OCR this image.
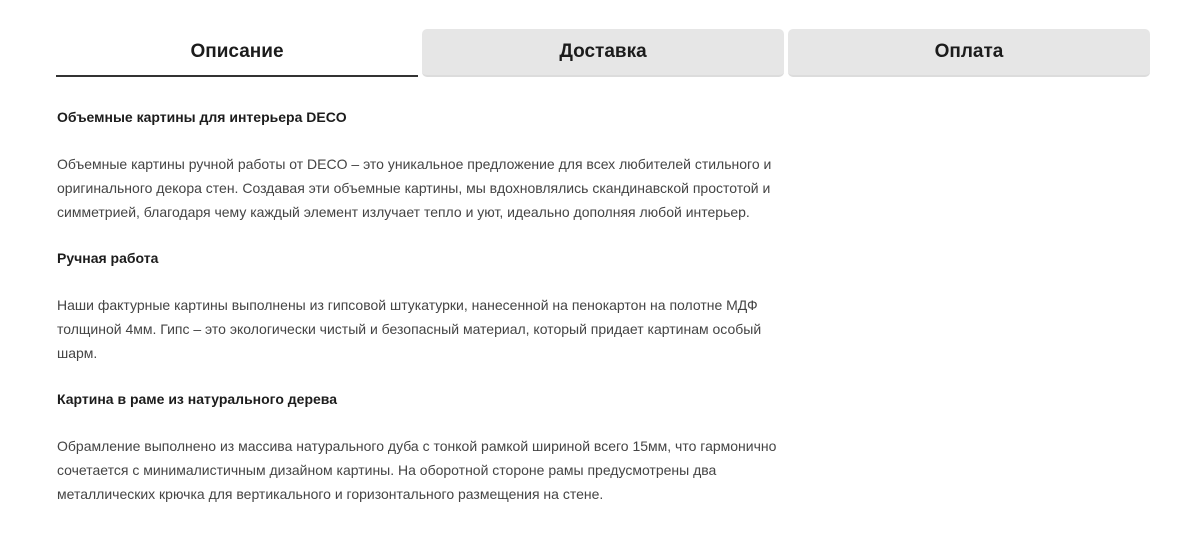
Описание	Доставка	Оплата
Объемные картины для интерьера DECO

Объемные картины ручной работы от DECO – это уникальное предложение для всех любителей стильного и оригинального декора стен. Создавая эти объемные картины, мы вдохновлялись скандинавской простотой и симметрией, благодаря чему каждый элемент излучает тепло и уют, идеально дополняя любой интерьер.

Ручная работа

Наши фактурные картины выполнены из гипсовой штукатурки, нанесенной на пенокартон на полотне МДФ толщиной 4мм. Гипс – это экологически чистый и безопасный материал, который придает картинам особый шарм.

Картина в раме из натурального дерева

Обрамление выполнено из массива натурального дуба с тонкой рамкой шириной всего 15мм, что гармонично сочетается с минималистичным дизайном картины. На оборотной стороне рамы предусмотрены два металлических крючка для вертикального и горизонтального размещения на стене.
